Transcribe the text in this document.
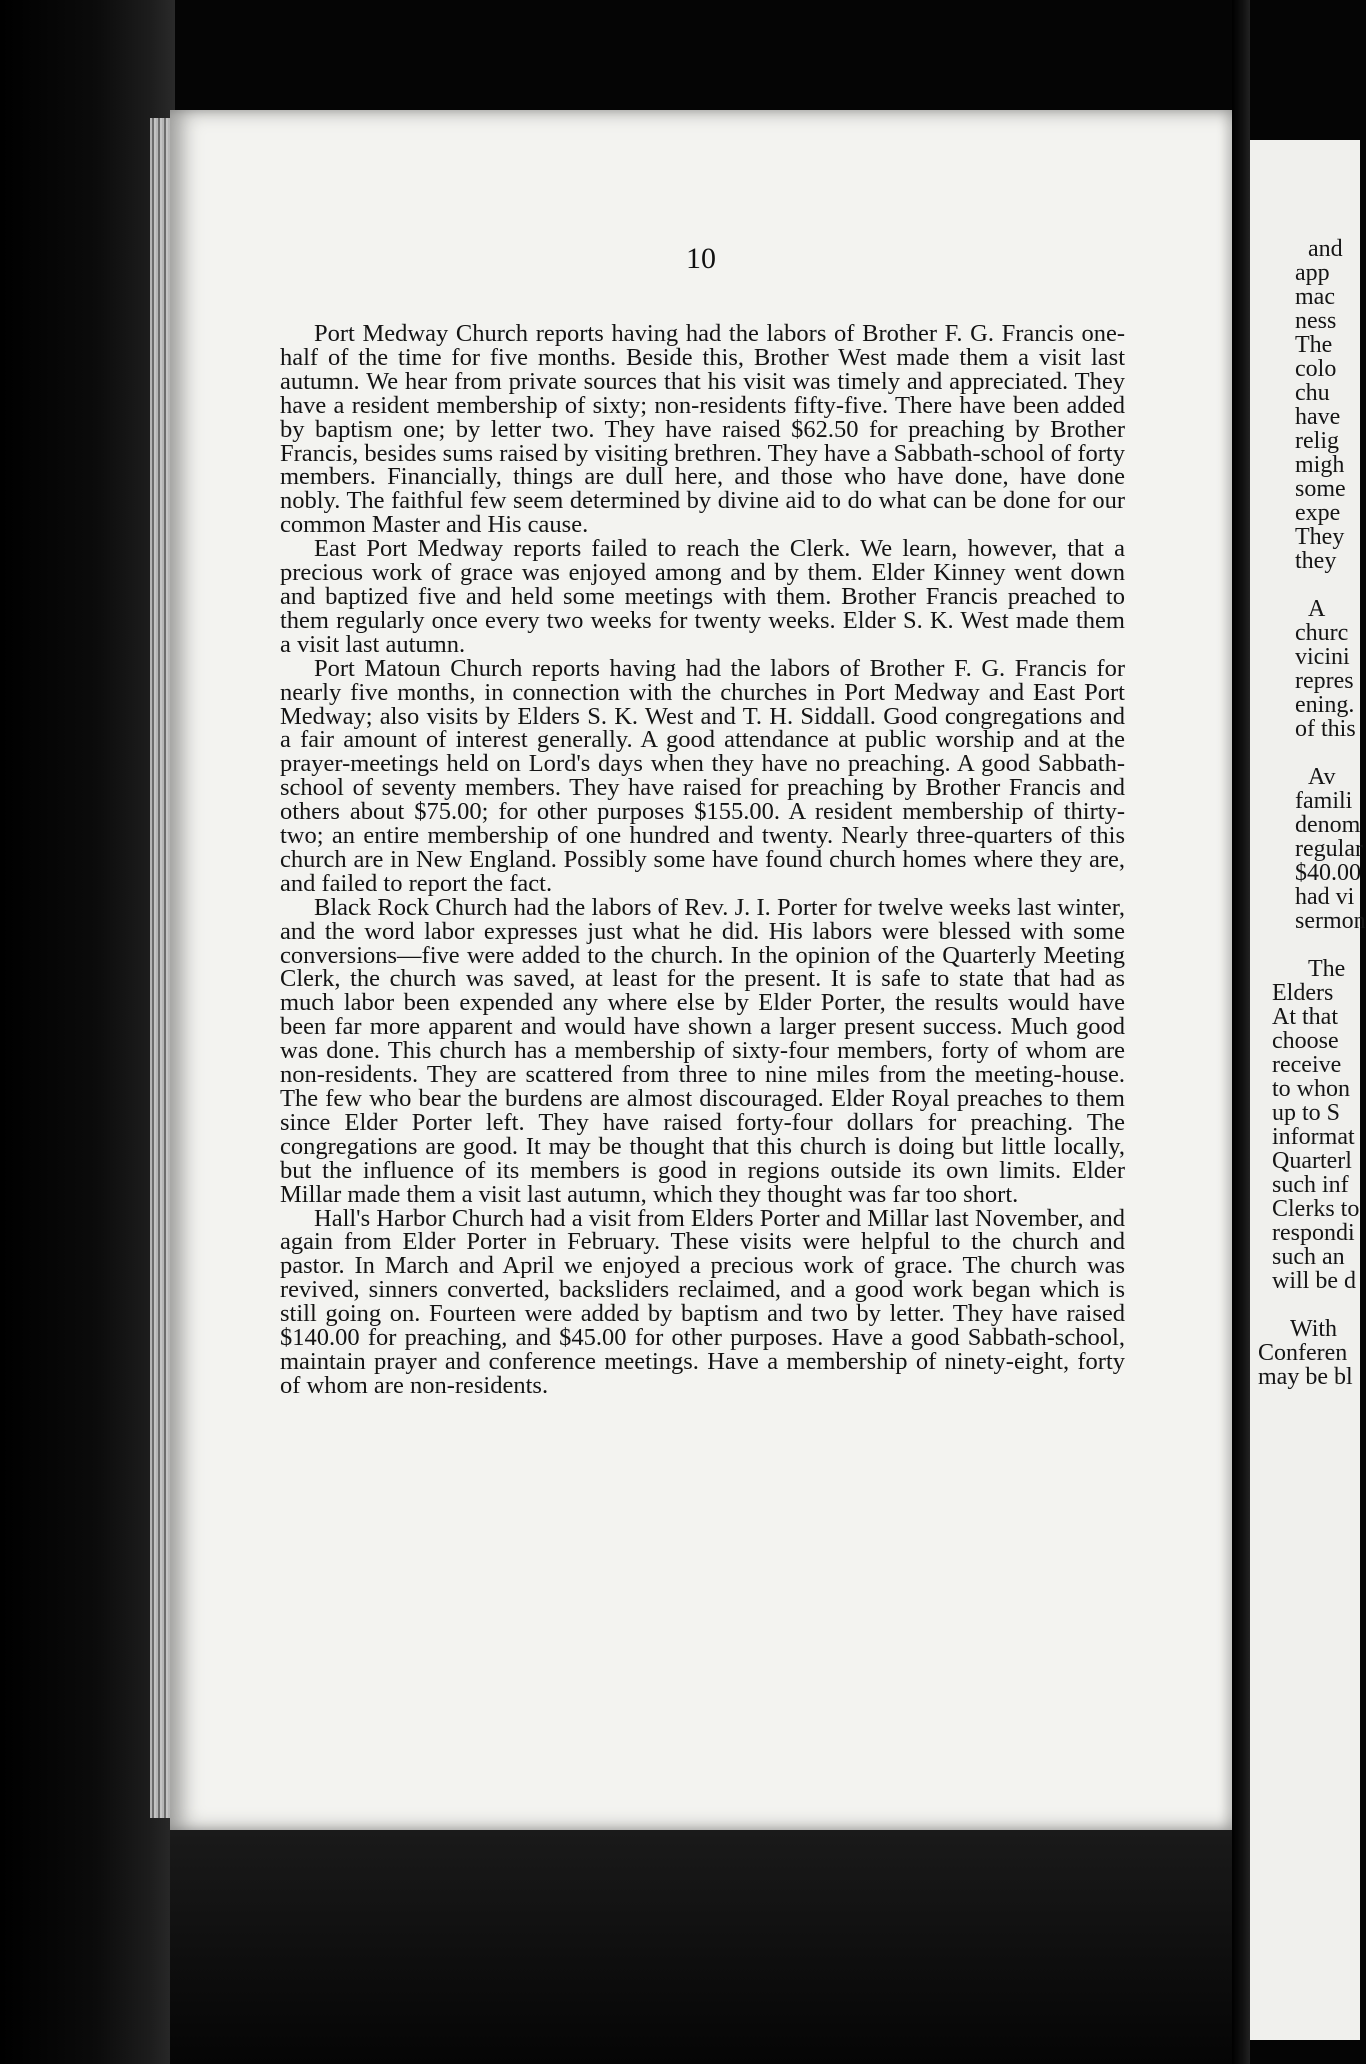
10

Port Medway Church reports having had the labors of Brother F. G. Francis one-half of the time for five months. Beside this, Brother West made them a visit last autumn. We hear from private sources that his visit was timely and appreciated. They have a resident membership of sixty; non-residents fifty-five. There have been added by baptism one; by letter two. They have raised $62.50 for preaching by Brother Francis, besides sums raised by visiting brethren. They have a Sabbath-school of forty members. Financially, things are dull here, and those who have done, have done nobly. The faithful few seem determined by divine aid to do what can be done for our common Master and His cause.

East Port Medway reports failed to reach the Clerk. We learn, however, that a precious work of grace was enjoyed among and by them. Elder Kinney went down and baptized five and held some meetings with them. Brother Francis preached to them regularly once every two weeks for twenty weeks. Elder S. K. West made them a visit last autumn.

Port Matoun Church reports having had the labors of Brother F. G. Francis for nearly five months, in connection with the churches in Port Medway and East Port Medway; also visits by Elders S. K. West and T. H. Siddall. Good congregations and a fair amount of interest generally. A good attendance at public worship and at the prayer-meetings held on Lord's days when they have no preaching. A good Sabbath-school of seventy members. They have raised for preaching by Brother Francis and others about $75.00; for other purposes $155.00. A resident membership of thirty-two; an entire membership of one hundred and twenty. Nearly three-quarters of this church are in New England. Possibly some have found church homes where they are, and failed to report the fact.

Black Rock Church had the labors of Rev. J. I. Porter for twelve weeks last winter, and the word labor expresses just what he did. His labors were blessed with some conversions—five were added to the church. In the opinion of the Quarterly Meeting Clerk, the church was saved, at least for the present. It is safe to state that had as much labor been expended any where else by Elder Porter, the results would have been far more apparent and would have shown a larger present success. Much good was done. This church has a membership of sixty-four members, forty of whom are non-residents. They are scattered from three to nine miles from the meeting-house. The few who bear the burdens are almost discouraged. Elder Royal preaches to them since Elder Porter left. They have raised forty-four dollars for preaching. The congregations are good. It may be thought that this church is doing but little locally, but the influence of its members is good in regions outside its own limits. Elder Millar made them a visit last autumn, which they thought was far too short.

Hall's Harbor Church had a visit from Elders Porter and Millar last November, and again from Elder Porter in February. These visits were helpful to the church and pastor. In March and April we enjoyed a precious work of grace. The church was revived, sinners converted, backsliders reclaimed, and a good work began which is still going on. Fourteen were added by baptism and two by letter. They have raised $140.00 for preaching, and $45.00 for other purposes. Have a good Sabbath-school, maintain prayer and conference meetings. Have a membership of ninety-eight, forty of whom are non-residents.

and
app
mac
ness
The
colo
chu
have
relig
migh
some
expe
They
they
A
churc
vicini
repres
ening.
of this
Av
famili
denom
regular
$40.00
had vi
sermon
The
Elders
At that
choose
receive
to whon
up to S
informat
Quarterl
such inf
Clerks to
respondi
such an
will be d
With
Conferen
may be bl
